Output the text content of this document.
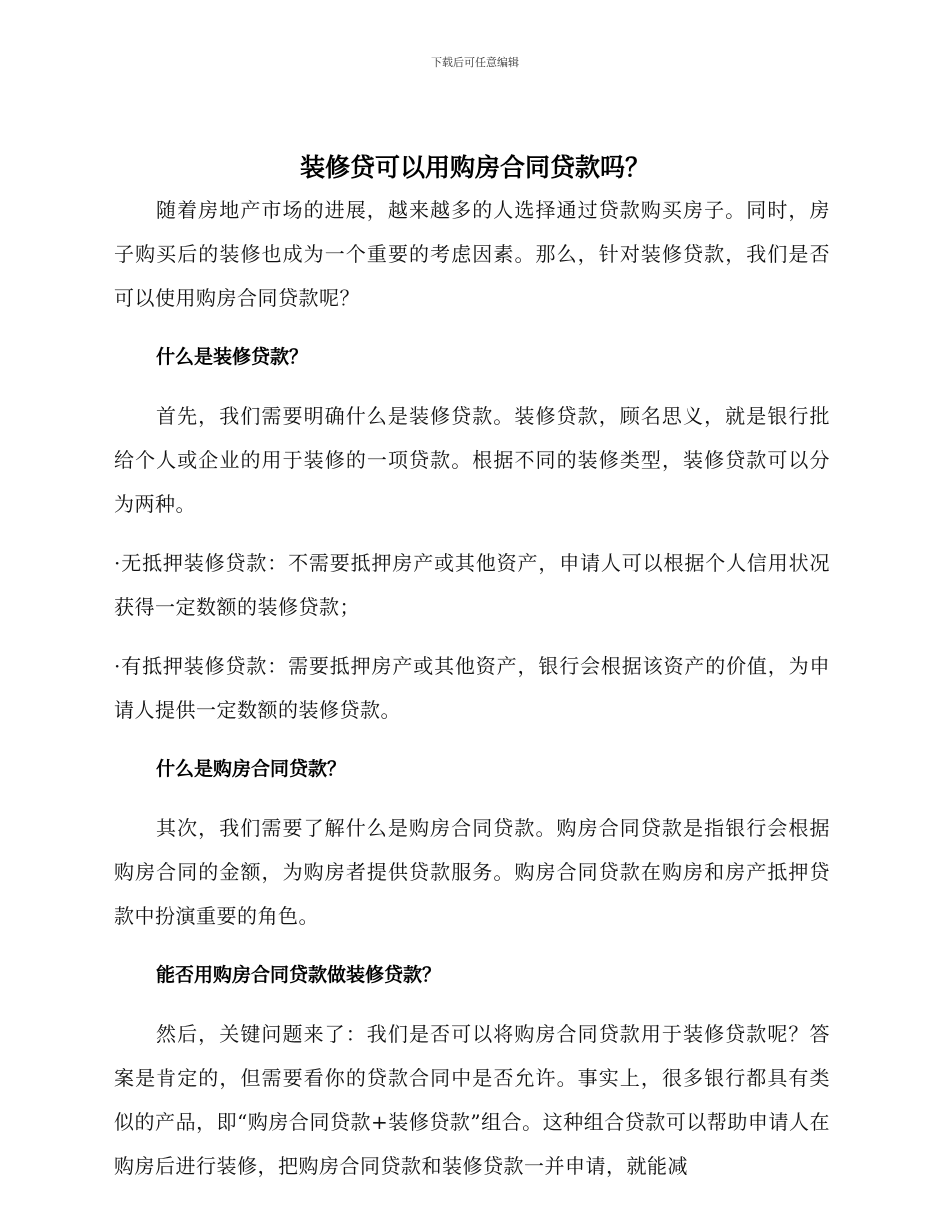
下载后可任意编辑
装修贷可以用购房合同贷款吗？
随着房地产市场的进展，越来越多的人选择通过贷款购买房子。同时，房子购买后的装修也成为一个重要的考虑因素。那么，针对装修贷款，我们是否可以使用购房合同贷款呢？
什么是装修贷款？
首先，我们需要明确什么是装修贷款。装修贷款，顾名思义，就是银行批给个人或企业的用于装修的一项贷款。根据不同的装修类型，装修贷款可以分为两种。
·无抵押装修贷款：不需要抵押房产或其他资产，申请人可以根据个人信用状况获得一定数额的装修贷款；
·有抵押装修贷款：需要抵押房产或其他资产，银行会根据该资产的价值，为申请人提供一定数额的装修贷款。
什么是购房合同贷款？
其次，我们需要了解什么是购房合同贷款。购房合同贷款是指银行会根据购房合同的金额，为购房者提供贷款服务。购房合同贷款在购房和房产抵押贷款中扮演重要的角色。
能否用购房合同贷款做装修贷款？
然后，关键问题来了：我们是否可以将购房合同贷款用于装修贷款呢？答案是肯定的，但需要看你的贷款合同中是否允许。事实上，很多银行都具有类似的产品，即“购房合同贷款+装修贷款”组合。这种组合贷款可以帮助申请人在购房后进行装修，把购房合同贷款和装修贷款一并申请，就能减
